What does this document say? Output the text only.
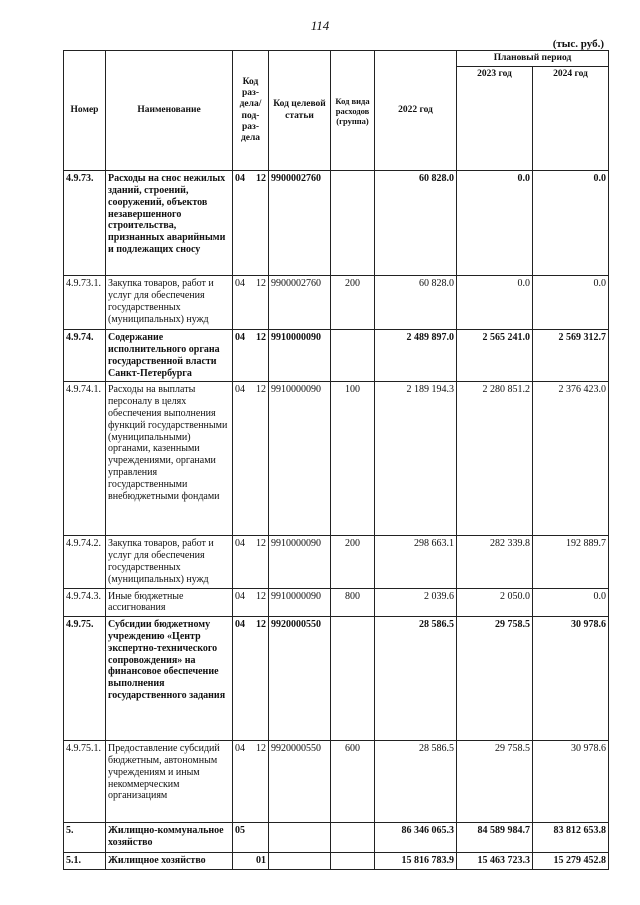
114
(тыс. руб.)
Номер	Наименование	Код раз- дела/ под- раз- дела	Код целевой статьи	Код вида расходов (группа)	2022 год	Плановый период	
						2023 год	2024 год
4.9.73.	Расходы на снос нежилых зданий, строений, сооружений, объектов незавершенного строительства, признанных аварийными и подлежащих сносу	04 12	9900002760		60 828.0	0.0	0.0
4.9.73.1.	Закупка товаров, работ и услуг для обеспечения государственных (муниципальных) нужд	04 12	9900002760	200	60 828.0	0.0	0.0
4.9.74.	Содержание исполнительного органа государственной власти Санкт-Петербурга	04 12	9910000090		2 489 897.0	2 565 241.0	2 569 312.7
4.9.74.1.	Расходы на выплаты персоналу в целях обеспечения выполнения функций государственными (муниципальными) органами, казенными учреждениями, органами управления государственными внебюджетными фондами	04 12	9910000090	100	2 189 194.3	2 280 851.2	2 376 423.0
4.9.74.2.	Закупка товаров, работ и услуг для обеспечения государственных (муниципальных) нужд	04 12	9910000090	200	298 663.1	282 339.8	192 889.7
4.9.74.3.	Иные бюджетные ассигнования	04 12	9910000090	800	2 039.6	2 050.0	0.0
4.9.75.	Субсидии бюджетному учреждению «Центр экспертно-технического сопровождения» на финансовое обеспечение выполнения государственного задания	04 12	9920000550		28 586.5	29 758.5	30 978.6
4.9.75.1.	Предоставление субсидий бюджетным, автономным учреждениям и иным некоммерческим организациям	04 12	9920000550	600	28 586.5	29 758.5	30 978.6
5.	Жилищно-коммунальное хозяйство	05			86 346 065.3	84 589 984.7	83 812 653.8
5.1.	Жилищное хозяйство	01			15 816 783.9	15 463 723.3	15 279 452.8
